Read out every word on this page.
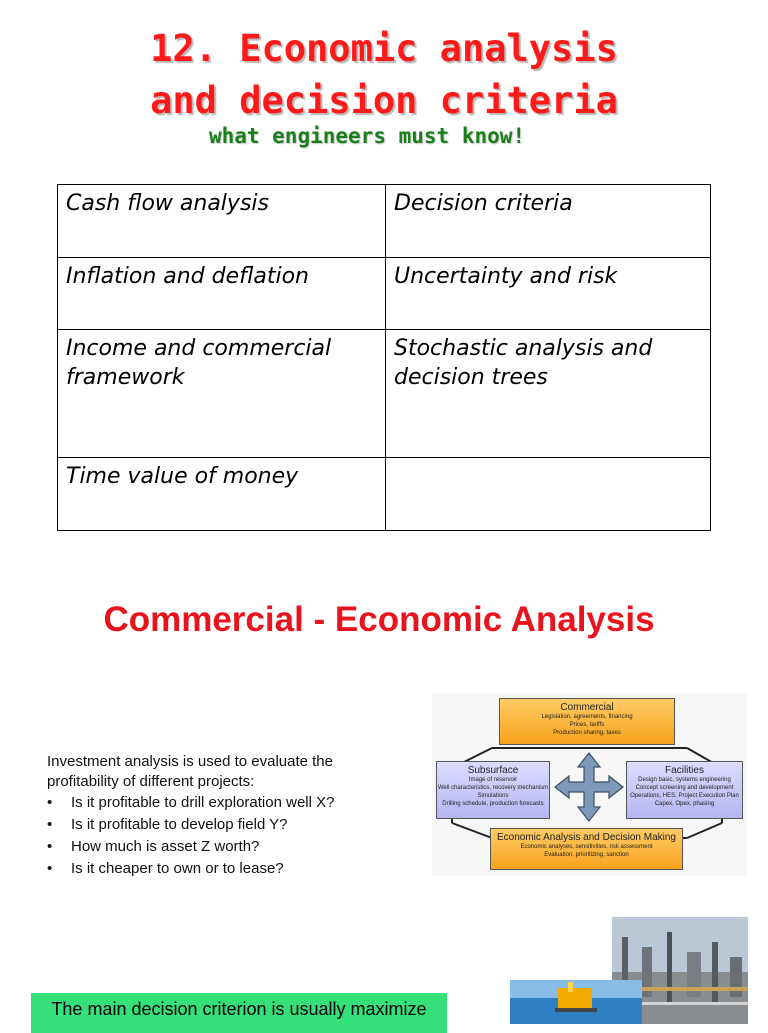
12. Economic analysis
and decision criteria
what engineers must know!
Cash flow analysis	Decision criteria
Inflation and deflation	Uncertainty and risk
Income and commercial framework	Stochastic analysis and decision trees
Time value of money	
Commercial - Economic Analysis

Investment analysis is used to evaluate the profitability of different projects:

• Is it profitable to drill exploration well X?
• Is it profitable to develop field Y?
• How much is asset Z worth?
• Is it cheaper to own or to lease?
Commercial
Legislation, agreements, financing
Prices, tariffs
Production sharing, taxes
Subsurface
Image of reservoir
Well characteristics, recovery mechanism
Simulations
Drilling schedule, production forecasts
Facilities
Design basic, systems engineering
Concept screening and development
Operations, HES, Project Execution Plan
Capex, Opex, phasing
Economic Analysis and Decision Making
Economic analyses, sensitivities, risk assessment
Evaluation, prioritizing, sanction
The main decision criterion is usually maximize
